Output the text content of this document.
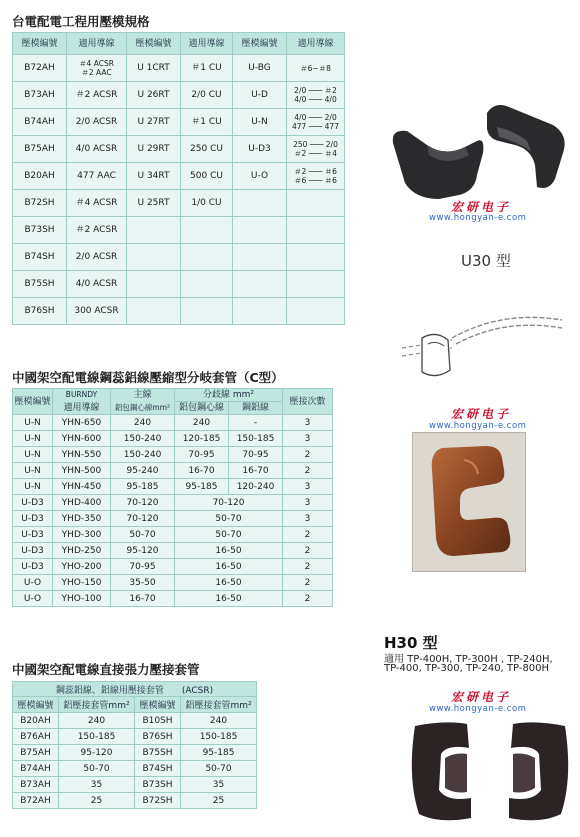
台電配電工程用壓模規格
壓模編號	適用導線	壓模編號	適用導線	壓模編號	適用導線
B72AH	＃4 ACSR
＃2 AAC	U 1CRT	＃1 CU	U-BG	＃6−＃8
B73AH	＃2 ACSR	U 26RT	2/0 CU	U-D	2/0 ─── ＃2
4/0 ─── 4/0
B74AH	2/0 ACSR	U 27RT	＃1 CU	U-N	4/0 ─── 2/0
477 ─── 477
B75AH	4/0 ACSR	U 29RT	250 CU	U-D3	250 ─── 2/0
＃2 ─── ＃4
B20AH	477 AAC	U 34RT	500 CU	U-O	＃2 ─── ＃6
＃6 ─── ＃6
B72SH	＃4 ACSR	U 25RT	1/0 CU		
B73SH	＃2 ACSR				
B74SH	2/0 ACSR				
B75SH	4/0 ACSR				
B76SH	300 ACSR				
中國架空配電線鋼蕊鋁線壓縮型分岐套管（C型）
壓模編號	BURNDY	主線	分歧線 mm²		壓接次數
	適用導線	鋁包鋼心線mm²	鋁包鋼心線	鋼鋁線	
U-N	YHN-650	240	240	-	3
U-N	YHN-600	150-240	120-185	150-185	3
U-N	YHN-550	150-240	70-95	70-95	2
U-N	YHN-500	95-240	16-70	16-70	2
U-N	YHN-450	95-185	95-185	120-240	3
U-D3	YHD-400	70-120	70-120		3
U-D3	YHD-350	70-120	50-70		3
U-D3	YHD-300	50-70	50-70		2
U-D3	YHD-250	95-120	16-50		2
U-D3	YHO-200	70-95	16-50		2
U-O	YHO-150	35-50	16-50		2
U-O	YHO-100	16-70	16-50		2
中國架空配電線直接張力壓接套管
鋼蕊鋁線、鋁線用壓接套管　　(ACSR)			
壓模編號	鋁壓接套管mm²	壓模編號	鋁壓接套管mm²
B20AH	240	B10SH	240
B76AH	150-185	B76SH	150-185
B75AH	95-120	B75SH	95-185
B74AH	50-70	B74SH	50-70
B73AH	35	B73SH	35
B72AH	25	B72SH	25
宏研电子
www.hongyan-e.com
U30 型
宏研电子
www.hongyan-e.com
H30 型
適用 TP-400H, TP-300H , TP-240H,
TP-400, TP-300, TP-240, TP-800H
宏研电子
www.hongyan-e.com
